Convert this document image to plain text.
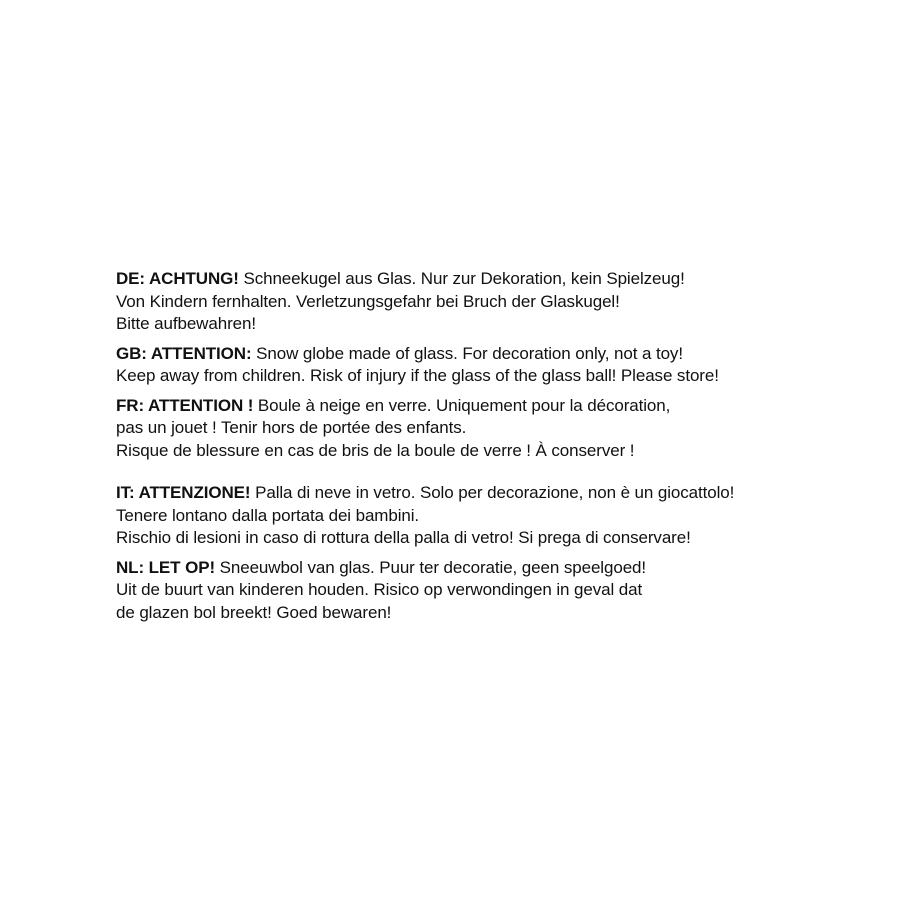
DE: ACHTUNG! Schneekugel aus Glas. Nur zur Dekoration, kein Spielzeug!
Von Kindern fernhalten. Verletzungsgefahr bei Bruch der Glaskugel!
Bitte aufbewahren!
GB: ATTENTION: Snow globe made of glass. For decoration only, not a toy!
Keep away from children. Risk of injury if the glass of the glass ball! Please store!
FR: ATTENTION ! Boule à neige en verre. Uniquement pour la décoration,
pas un jouet ! Tenir hors de portée des enfants.
Risque de blessure en cas de bris de la boule de verre ! À conserver !
IT: ATTENZIONE! Palla di neve in vetro. Solo per decorazione, non è un giocattolo!
Tenere lontano dalla portata dei bambini.
Rischio di lesioni in caso di rottura della palla di vetro! Si prega di conservare!
NL: LET OP! Sneeuwbol van glas. Puur ter decoratie, geen speelgoed!
Uit de buurt van kinderen houden. Risico op verwondingen in geval dat
de glazen bol breekt! Goed bewaren!
